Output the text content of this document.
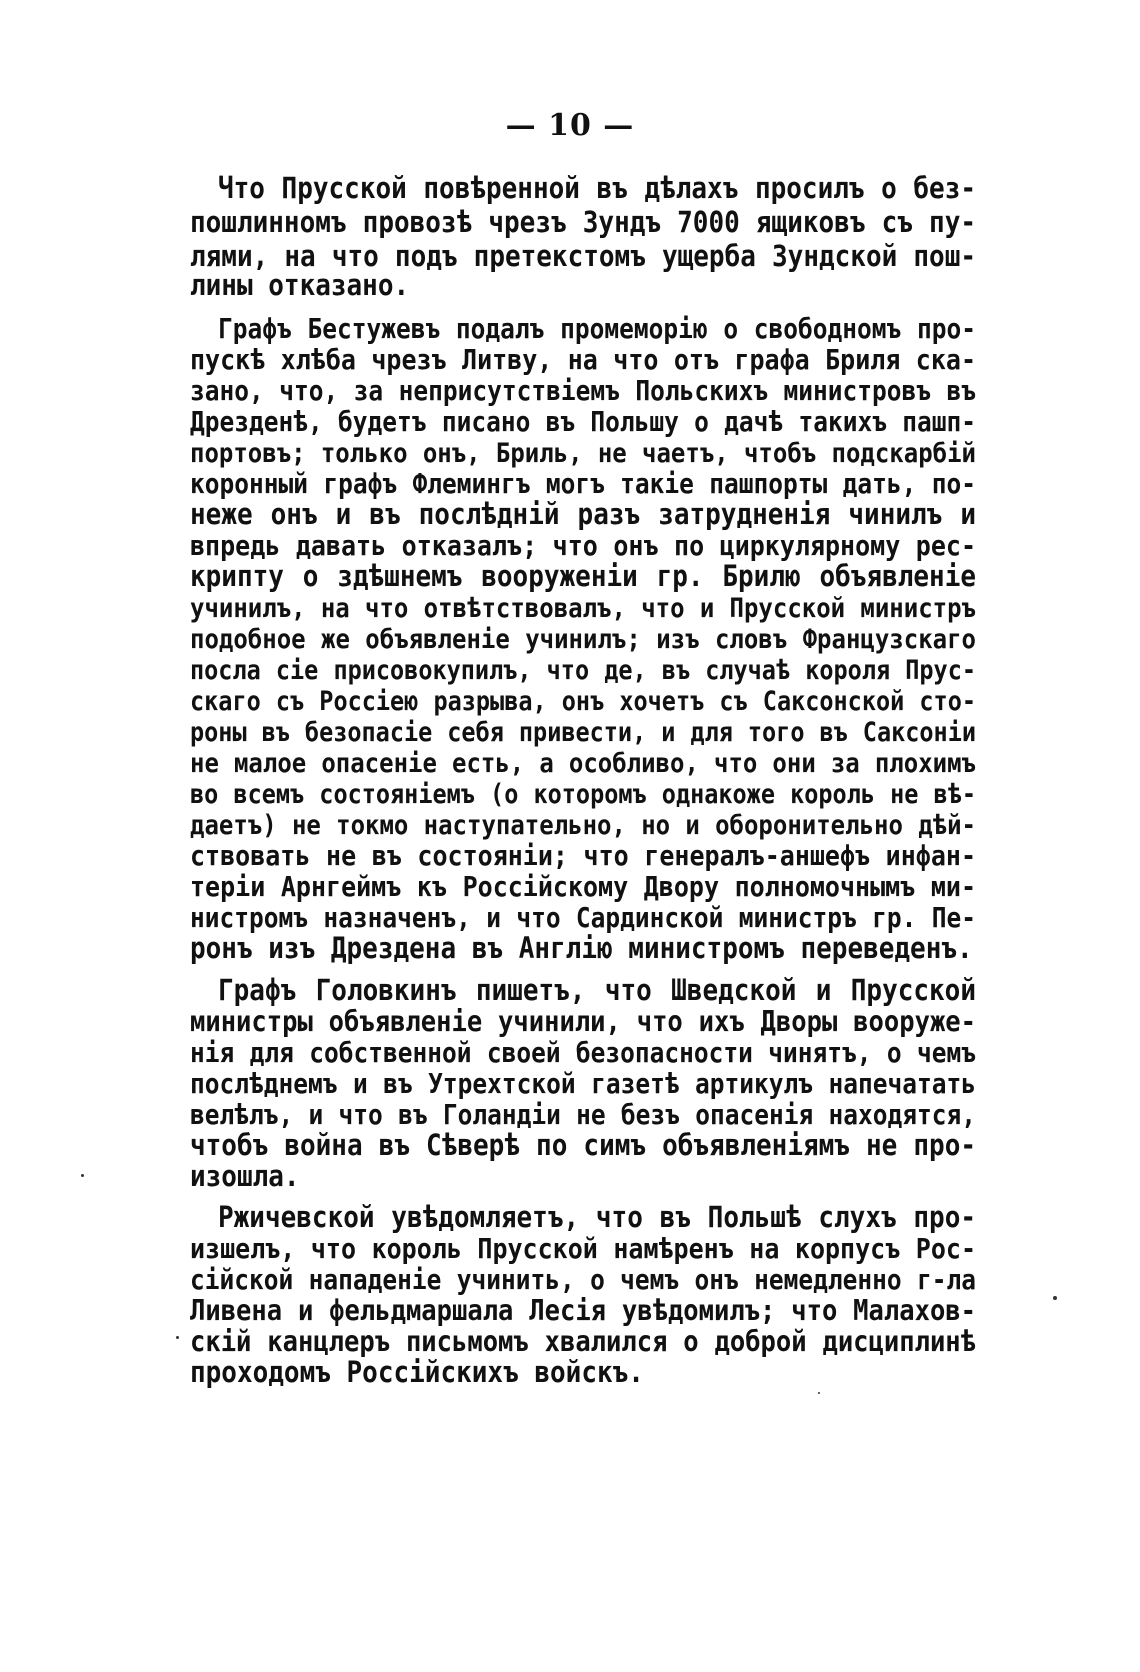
— 10 —
Что Прусской повѣренной въ дѣлахъ просилъ о без-
пошлинномъ провозѣ чрезъ Зундъ 7000 ящиковъ съ пу-
лями, на что подъ претекстомъ ущерба Зундской пош-
лины отказано.
Графъ Бестужевъ подалъ промеморію о свободномъ про-
пускѣ хлѣба чрезъ Литву, на что отъ графа Бриля ска-
зано, что, за неприсутствіемъ Польскихъ министровъ въ
Дрезденѣ, будетъ писано въ Польшу о дачѣ такихъ пашп-
портовъ; только онъ, Бриль, не чаетъ, чтобъ подскарбій
коронный графъ Флемингъ могъ такіе пашпорты дать, по-
неже онъ и въ послѣдній разъ затрудненія чинилъ и
впредь давать отказалъ; что онъ по циркулярному рес-
крипту о здѣшнемъ вооруженіи гр. Брилю объявленіе
учинилъ, на что отвѣтствовалъ, что и Прусской министръ
подобное же объявленіе учинилъ; изъ словъ Французскаго
посла сіе присовокупилъ, что де, въ случаѣ короля Прус-
скаго съ Россіею разрыва, онъ хочетъ съ Саксонской сто-
роны въ безопасіе себя привести, и для того въ Саксоніи
не малое опасеніе есть, а особливо, что они за плохимъ
во всемъ состояніемъ (о которомъ однакоже король не вѣ-
даетъ) не токмо наступательно, но и оборонительно дѣй-
ствовать не въ состояніи; что генералъ-аншефъ инфан-
теріи Арнгеймъ къ Россійскому Двору полномочнымъ ми-
нистромъ назначенъ, и что Сардинской министръ гр. Пе-
ронъ изъ Дрездена въ Англію министромъ переведенъ.
Графъ Головкинъ пишетъ, что Шведской и Прусской
министры объявленіе учинили, что ихъ Дворы вооруже-
нія для собственной своей безопасности чинятъ, о чемъ
послѣднемъ и въ Утрехтской газетѣ артикулъ напечатать
велѣлъ, и что въ Голандіи не безъ опасенія находятся,
чтобъ война въ Сѣверѣ по симъ объявленіямъ не про-
изошла.
Ржичевской увѣдомляетъ, что въ Польшѣ слухъ про-
изшелъ, что король Прусской намѣренъ на корпусъ Рос-
сійской нападеніе учинить, о чемъ онъ немедленно г-ла
Ливена и фельдмаршала Лесія увѣдомилъ; что Малахов-
скій канцлеръ письмомъ хвалился о доброй дисциплинѣ
проходомъ Россійскихъ войскъ.
